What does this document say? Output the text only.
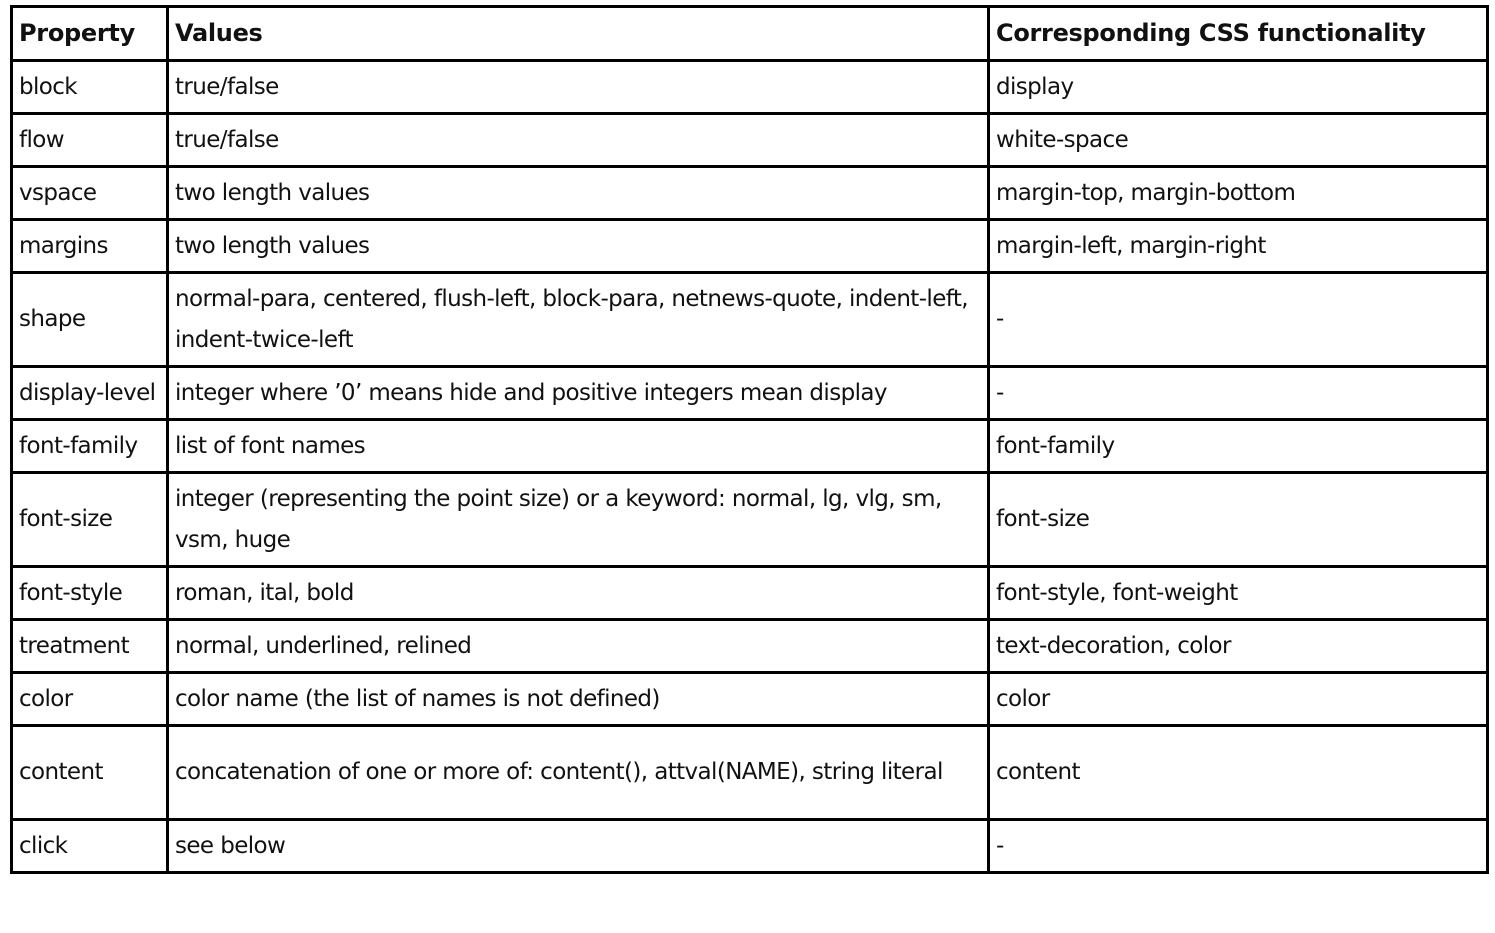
Property	Values	Corresponding CSS functionality
block	true/false	display
flow	true/false	white-space
vspace	two length values	margin-top, margin-bottom
margins	two length values	margin-left, margin-right
shape	normal-para, centered, flush-left, block-para, netnews-quote, indent-left, indent-twice-left	-
display-level	integer where ’0’ means hide and positive integers mean display	-
font-family	list of font names	font-family
font-size	integer (representing the point size) or a keyword: normal, lg, vlg, sm, vsm, huge	font-size
font-style	roman, ital, bold	font-style, font-weight
treatment	normal, underlined, relined	text-decoration, color
color	color name (the list of names is not defined)	color
content	concatenation of one or more of: content(), attval(NAME), string literal	content
click	see below	-
